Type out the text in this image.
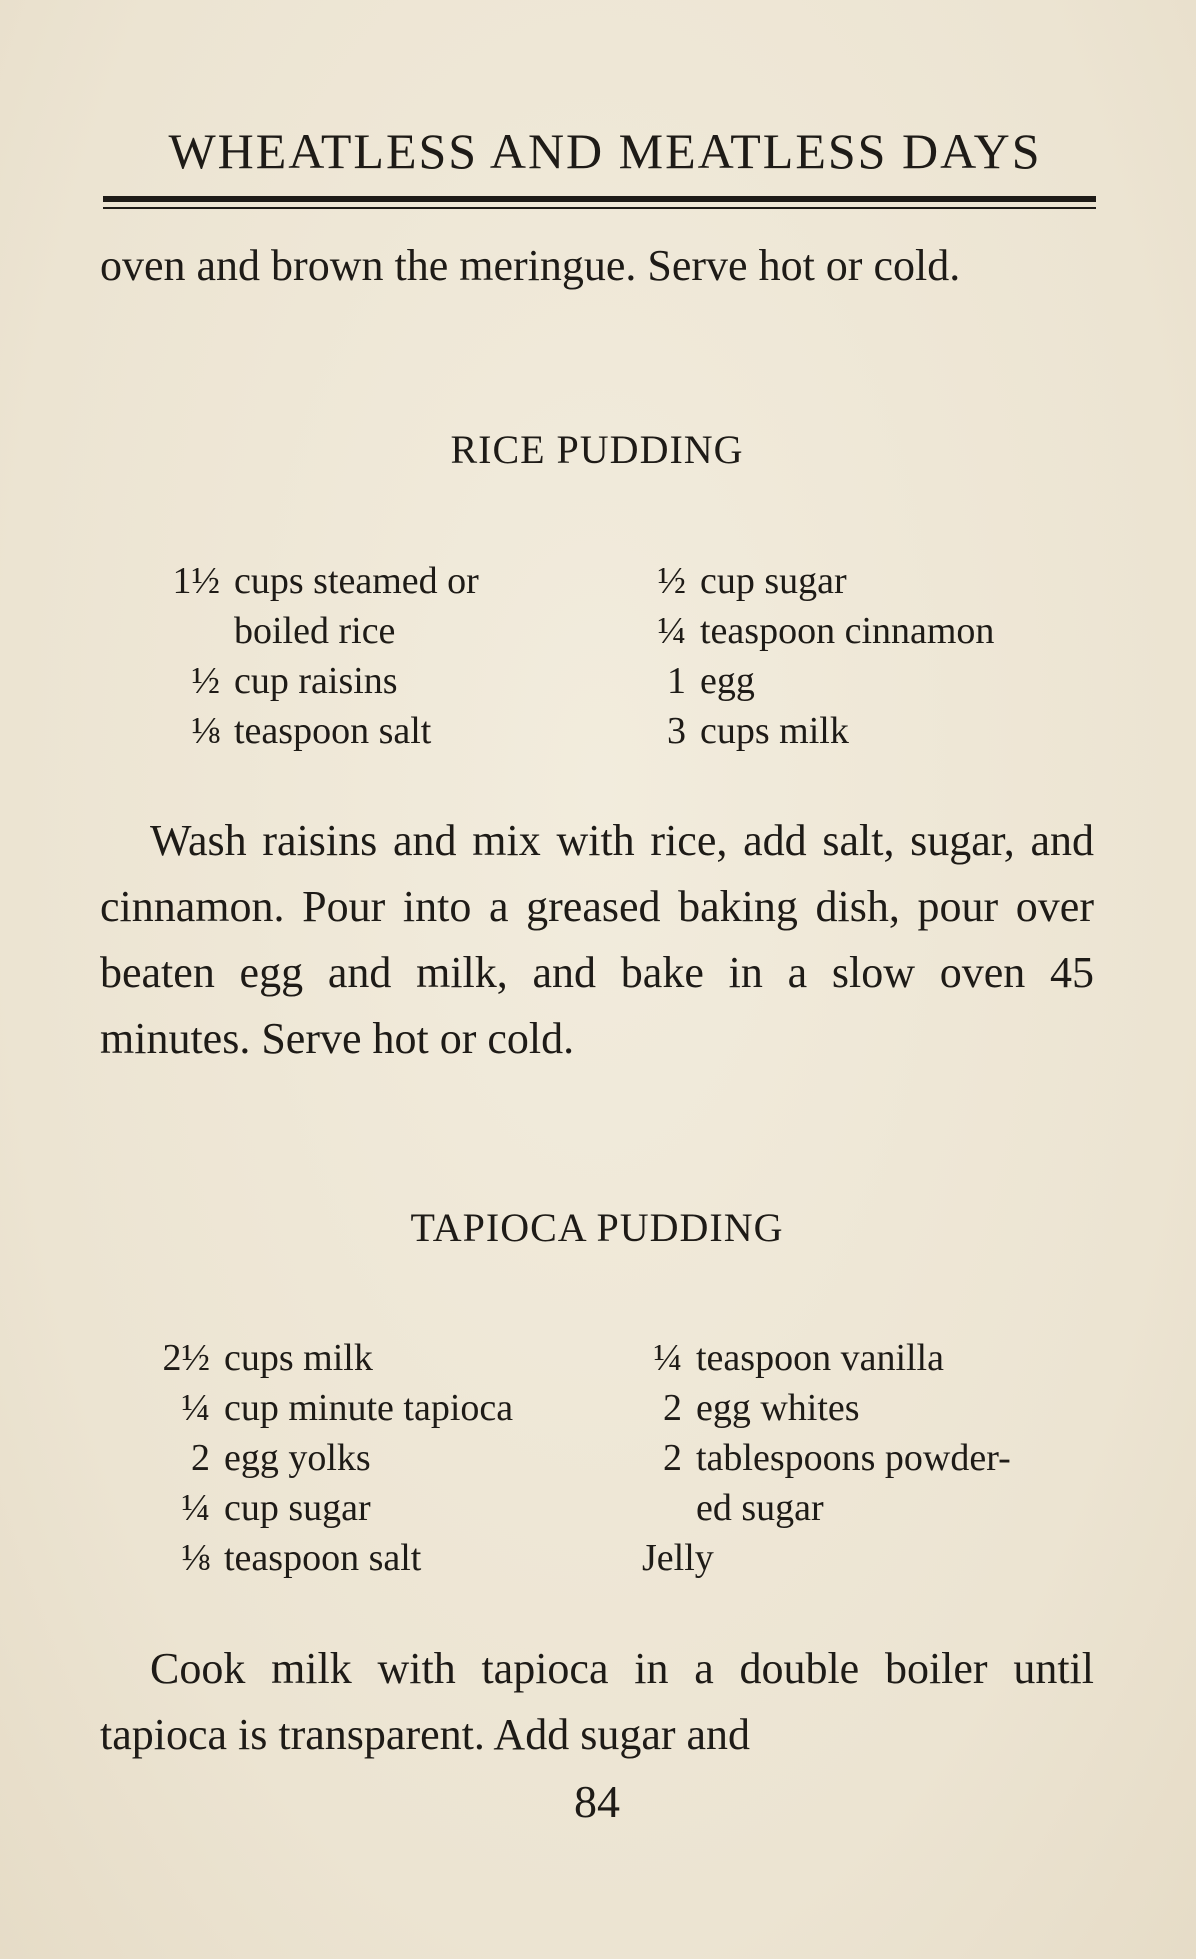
WHEATLESS AND MEATLESS DAYS

oven and brown the meringue. Serve hot or cold.

RICE PUDDING
1½ cups steamed or
boiled rice
½ cup raisins
⅛ teaspoon salt
½ cup sugar
¼ teaspoon cinnamon
1 egg
3 cups milk

Wash raisins and mix with rice, add salt, sugar, and cinnamon. Pour into a greased baking dish, pour over beaten egg and milk, and bake in a slow oven 45 minutes. Serve hot or cold.

TAPIOCA PUDDING
2½ cups milk
¼ cup minute tapioca
2 egg yolks
¼ cup sugar
⅛ teaspoon salt
¼ teaspoon vanilla
2 egg whites
2 tablespoons powder-
ed sugar
Jelly

Cook milk with tapioca in a double boiler until tapioca is transparent. Add sugar and

84
